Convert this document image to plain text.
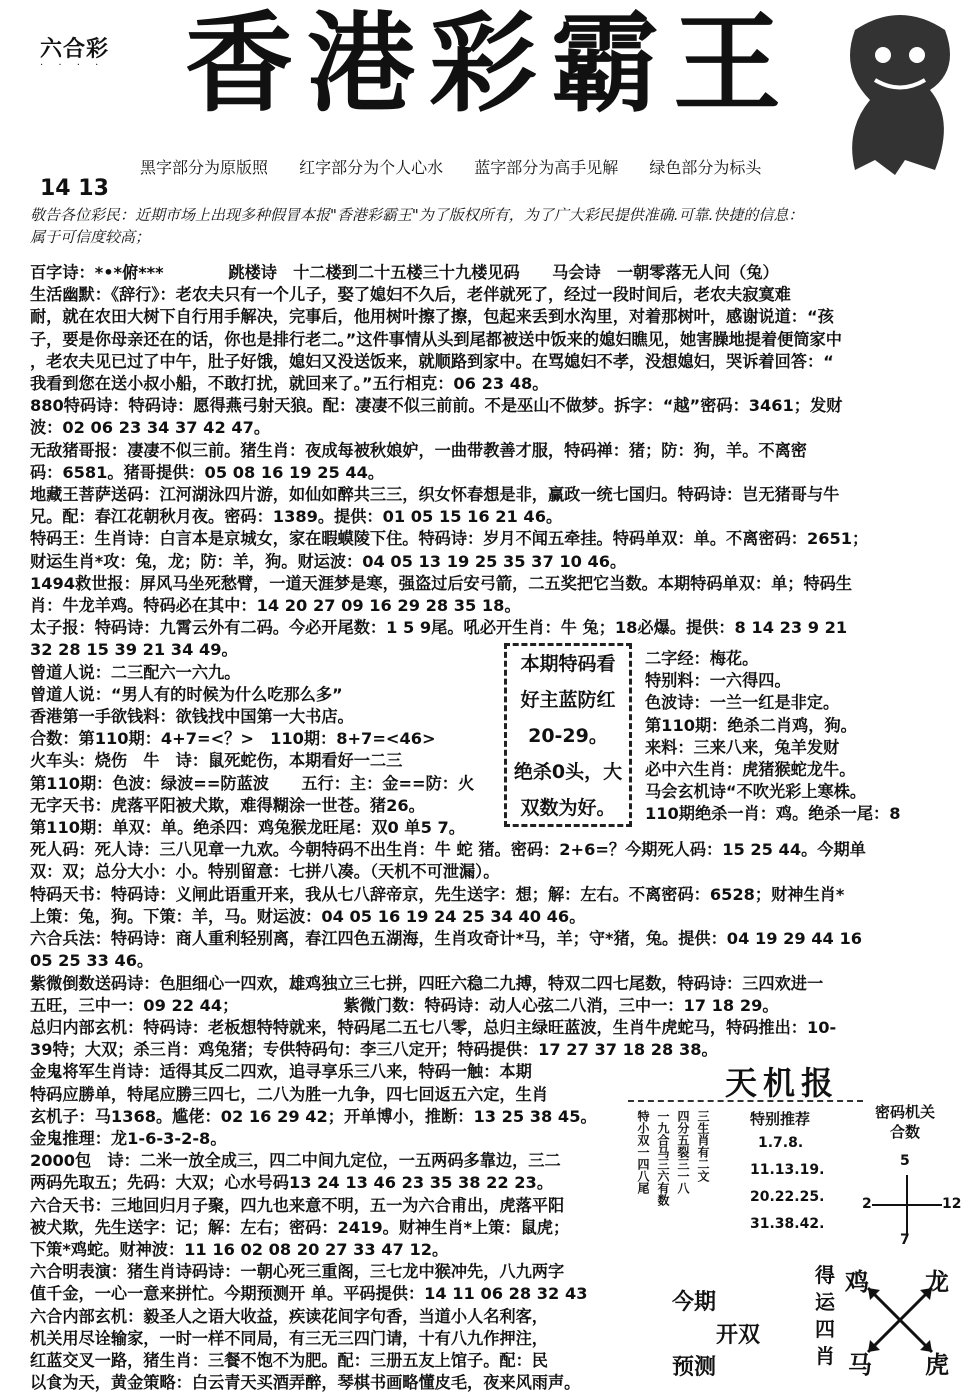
六合彩
· · · · 香港彩霸王
黑字部分为原版照 红字部分为个人心水 蓝字部分为高手见解 绿色部分为标头
14 13
敬告各位彩民：近期市场上出现多种假冒本报"香港彩霸王"为了版权所有，为了广大彩民提供准确.可靠.快捷的信息：
属于可信度较高；

百字诗：*•*俯***　　　　跳楼诗　十二楼到二十五楼三十九楼见码　　马会诗　一朝零落无人问（兔）

生活幽默：《辞行》：老农夫只有一个儿子，娶了媳妇不久后，老伴就死了，经过一段时间后，老农夫寂寞难

耐，就在农田大树下自行用手解决，完事后，他用树叶擦了擦，包起来丢到水沟里，对着那树叶，感谢说道：“孩

子，要是你母亲还在的话，你也是排行老二。”这件事情从头到尾都被送中饭来的媳妇瞧见，她害臊地提着便筒家中

，老农夫见已过了中午，肚子好饿，媳妇又没送饭来，就顺路到家中。在骂媳妇不孝，没想媳妇，哭诉着回答：“

我看到您在送小叔小船，不敢打扰，就回来了。”五行相克：06 23 48。

880特码诗：特码诗：愿得燕弓射天狼。配：凄凄不似三前前。不是巫山不做梦。拆字：“越”密码：3461；发财

波：02 06 23 34 37 42 47。

无敌猪哥报：凄凄不似三前。猪生肖：夜成每被秋娘妒，一曲带教善才服，特码禅：猪；防：狗，羊。不离密

码：6581。猪哥提供：05 08 16 19 25 44。

地藏王菩萨送码：江河湖泳四片游，如仙如醉共三三，织女怀春想是非，赢政一统七国归。特码诗：岂无猪哥与牛

兄。配：春江花朝秋月夜。密码：1389。提供：01 05 15 16 21 46。

特码王：生肖诗：白言本是京城女，家在暇蟆陵下住。特码诗：岁月不闻五牵挂。特码单双：单。不离密码：2651；

财运生肖*攻：兔，龙；防：羊，狗。财运波：04 05 13 19 25 35 37 10 46。

1494救世报：屏风马坐死愁臂，一道天涯梦是寒，强盗过后安弓箭，二五奖把它当数。本期特码单双：单；特码生

肖：牛龙羊鸡。特码必在其中：14 20 27 09 16 29 28 35 18。

太子报：特码诗：九霄云外有二码。今必开尾数：1 5 9尾。吼必开生肖：牛 兔；18必爆。提供：8 14 23 9 21

32 28 15 39 21 34 49。

曾道人说：二三配六一六九。

曾道人说：“男人有的时候为什么吃那么多”

香港第一手欲钱料：欲钱找中国第一大书店。

合数：第110期：4+7=<？>　110期：8+7=<46>

火车头：烧伤　牛　诗：鼠死蛇伤，本期看好一二三

第110期：色波：绿波==防蓝波　　五行：主：金==防：火

无字天书：虎落平阳被犬欺，难得糊涂一世苍。猪26。

第110期：单双：单。绝杀四：鸡兔猴龙旺尾：双0 单5 7。

死人码：死人诗：三八见章一九欢。今朝特码不出生肖：牛 蛇 猪。密码：2+6=？今期死人码：15 25 44。今期单

双：双；总分大小：小。特别留意：七拼八凑。（天机不可泄漏）。

特码天书：特码诗：义闸此语重开来，我从七八辞帝京，先生送字：想；解：左右。不离密码：6528；财神生肖*

上策：兔，狗。下策：羊，马。财运波：04 05 16 19 24 25 34 40 46。

六合兵法：特码诗：商人重利轻别离，春江四色五湖海，生肖攻奇计*马，羊；守*猪，兔。提供：04 19 29 44 16

05 25 33 46。

紫微倒数送码诗：色胆细心一四欢，雄鸡独立三七拼，四旺六稳二九搏，特双二四七尾数，特码诗：三四欢进一

五旺，三中一：09 22 44；　　　　　　　紫微门数：特码诗：动人心弦二八消，三中一：17 18 29。

总归内部玄机：特码诗：老板想特特就来，特码尾二五七八零，总归主绿旺蓝波，生肖牛虎蛇马，特码推出：10-

39特；大双；杀三肖：鸡兔猪；专供特码句：李三八定开；特码提供：17 27 37 18 28 38。

金鬼将军生肖诗：适得其反二四欢，追寻享乐三八来，特码一触：本期

特码应勝单，特尾应勝三四七，二八为胜一九争，四七回返五六定，生肖

玄机子：马1368。尴佬：02 16 29 42；开单博小，推断：13 25 38 45。

金鬼推理：龙1-6-3-2-8。

2000包　诗：二米一放全成三，四二中间九定位，一五两码多靠边，三二

两码先取五；先码：大双；心水号码13 24 13 46 23 35 38 22 23。

六合天书：三地回归月子聚，四九也来意不明，五一为六合甫出，虎落平阳

被犬欺，先生送字：记；解：左右；密码：2419。财神生肖*上策：鼠虎；

下策*鸡蛇。财神波：11 16 02 08 20 27 33 47 12。

六合明表演：猪生肖诗码诗：一朝心死三重阁，三七龙中猴冲先，八九两字

值千金，一心一意来拼忙。今期预测开 单。平码提供：14 11 06 28 32 43

六合内部玄机：毅圣人之语大收益，疾读花间字句香，当道小人名利客，

机关用尽诠输家，一时一样不同局，有三无三四门请，十有八九作押注，

红蓝交叉一路，猪生肖：三餐不饱不为肥。配：三册五友上馆子。配：民

以食为天，黄金策略：白云青天买酒弄醉，琴棋书画略懂皮毛，夜来风雨声。

本期特码看
好主蓝防红
20-29。
绝杀0头，大
双数为好。

二字经：梅花。

特别料：一六得四。

色波诗：一兰一红是非定。

第110期：绝杀二肖鸡，狗。

来料：三来八来，兔羊发财

必中六生肖：虎猪猴蛇龙牛。

马会玄机诗“不吹光彩上寒株。

110期绝杀一肖：鸡。绝杀一尾：8

天机报
特小双一四八尾 一九合马三六有数 四分五裂三一八 三生肖有二文	特别推荐
1.7.8.
11.13.19.
20.22.25.
31.38.42.
密码机关
合数
5
2	12
7
今期
开双
预测
得运四肖
鸡 龙
马 虎
